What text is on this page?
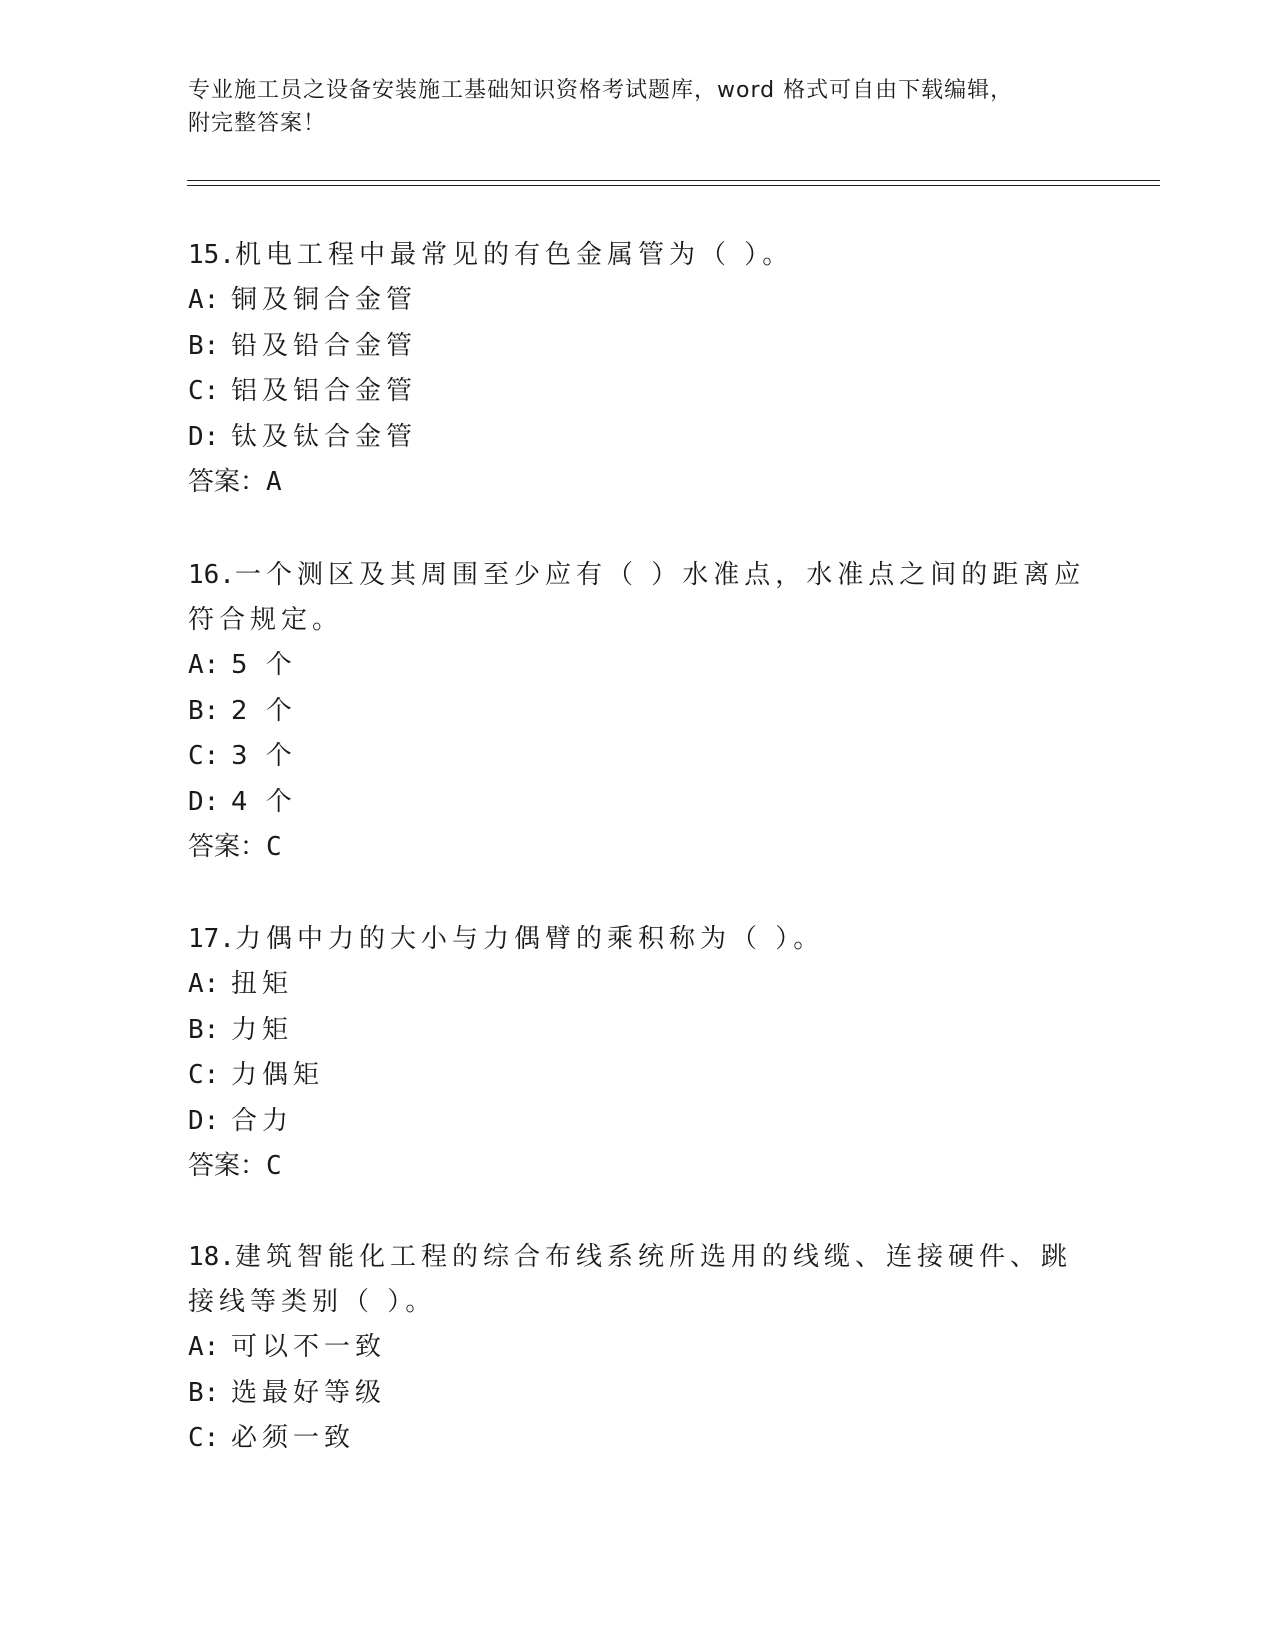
专业施工员之设备安装施工基础知识资格考试题库，word 格式可自由下载编辑，
附完整答案！
15.机电工程中最常见的有色金属管为（ ）。
A: 铜及铜合金管
B: 铅及铅合金管
C: 铝及铝合金管
D: 钛及钛合金管
答案：A
16.一个测区及其周围至少应有（ ）水准点，水准点之间的距离应符合规定。
A: 5 个
B: 2 个
C: 3 个
D: 4 个
答案：C
17.力偶中力的大小与力偶臂的乘积称为（ ）。
A: 扭矩
B: 力矩
C: 力偶矩
D: 合力
答案：C
18.建筑智能化工程的综合布线系统所选用的线缆、连接硬件、跳接线等类别（ ）。
A: 可以不一致
B: 选最好等级
C: 必须一致
